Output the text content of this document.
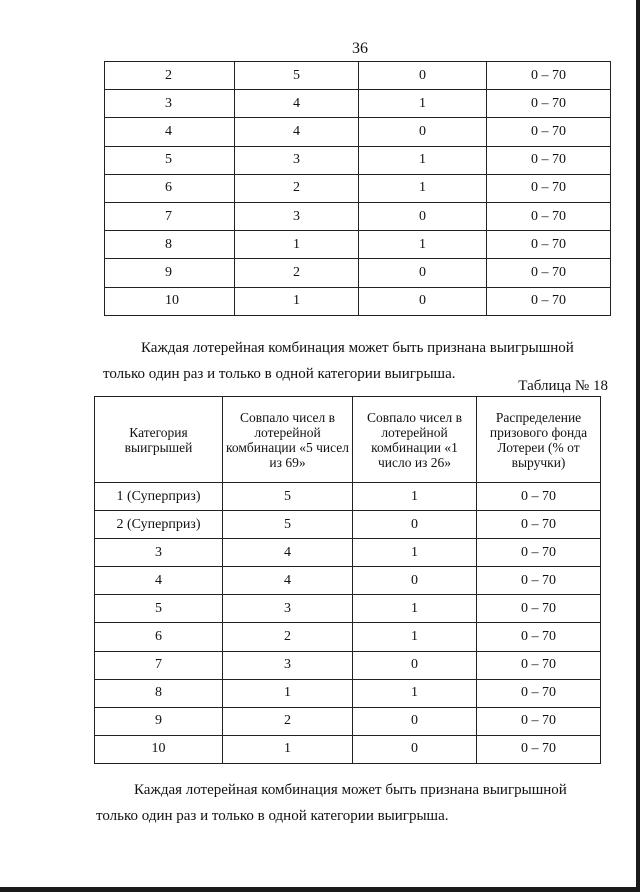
36
2	5	0	0 – 70
3	4	1	0 – 70
4	4	0	0 – 70
5	3	1	0 – 70
6	2	1	0 – 70
7	3	0	0 – 70
8	1	1	0 – 70
9	2	0	0 – 70
10	1	0	0 – 70

Каждая лотерейная комбинация может быть признана выигрышной только один раз и только в одной категории выигрыша.

Таблица № 18
Категория выигрышей	Совпало чисел в лотерейной комбинации «5 чисел из 69»	Совпало чисел в лотерейной комбинации «1 число из 26»	Распределение призового фонда Лотереи (% от выручки)
1 (Суперприз)	5	1	0 – 70
2 (Суперприз)	5	0	0 – 70
3	4	1	0 – 70
4	4	0	0 – 70
5	3	1	0 – 70
6	2	1	0 – 70
7	3	0	0 – 70
8	1	1	0 – 70
9	2	0	0 – 70
10	1	0	0 – 70

Каждая лотерейная комбинация может быть признана выигрышной только один раз и только в одной категории выигрыша.
